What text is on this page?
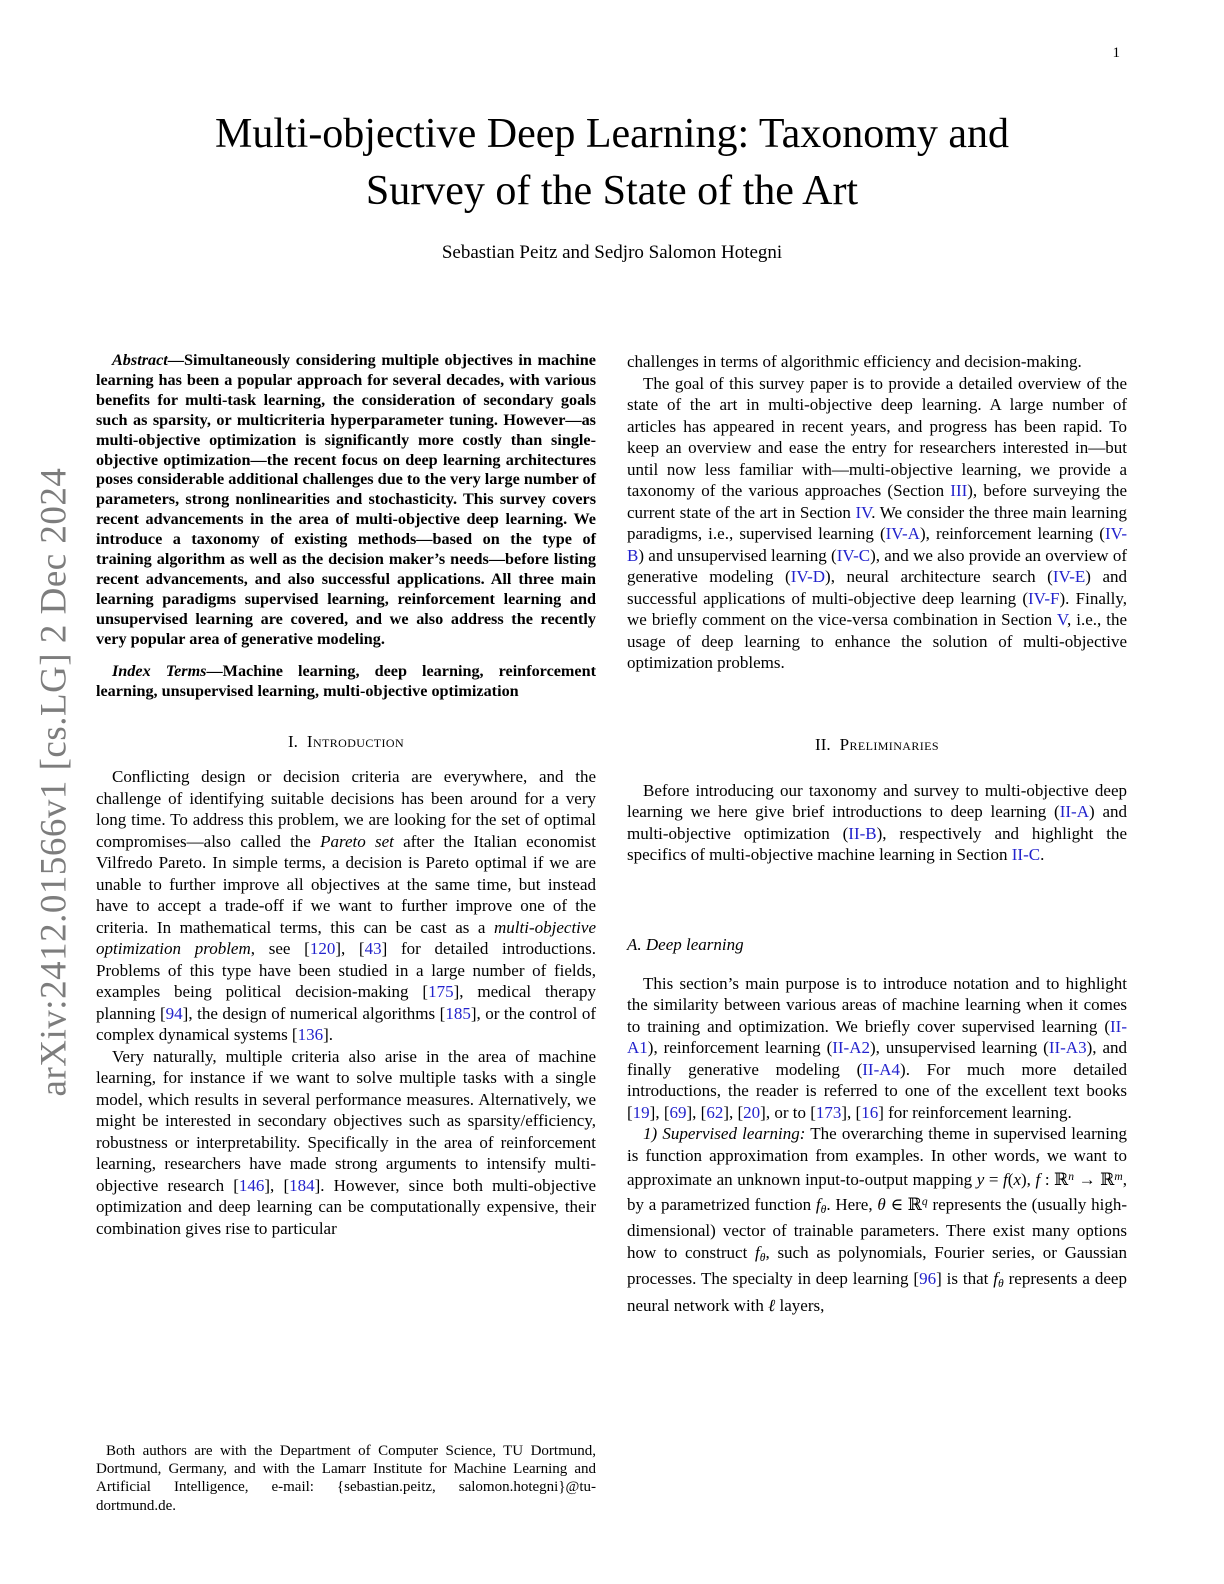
1
arXiv:2412.01566v1 [cs.LG] 2 Dec 2024
Multi-objective Deep Learning: Taxonomy and
Survey of the State of the Art
Sebastian Peitz and Sedjro Salomon Hotegni

Abstract—Simultaneously considering multiple objectives in machine learning has been a popular approach for several decades, with various benefits for multi-task learning, the consideration of secondary goals such as sparsity, or multicriteria hyperparameter tuning. However—as multi-objective optimization is significantly more costly than single-objective optimization—the recent focus on deep learning architectures poses considerable additional challenges due to the very large number of parameters, strong nonlinearities and stochasticity. This survey covers recent advancements in the area of multi-objective deep learning. We introduce a taxonomy of existing methods—based on the type of training algorithm as well as the decision maker’s needs—before listing recent advancements, and also successful applications. All three main learning paradigms supervised learning, reinforcement learning and unsupervised learning are covered, and we also address the recently very popular area of generative modeling.

Index Terms—Machine learning, deep learning, reinforcement learning, unsupervised learning, multi-objective optimization

I. Introduction

Conflicting design or decision criteria are everywhere, and the challenge of identifying suitable decisions has been around for a very long time. To address this problem, we are looking for the set of optimal compromises—also called the Pareto set after the Italian economist Vilfredo Pareto. In simple terms, a decision is Pareto optimal if we are unable to further improve all objectives at the same time, but instead have to accept a trade-off if we want to further improve one of the criteria. In mathematical terms, this can be cast as a multi-objective optimization problem, see [120], [43] for detailed introductions. Problems of this type have been studied in a large number of fields, examples being political decision-making [175], medical therapy planning [94], the design of numerical algorithms [185], or the control of complex dynamical systems [136].

Very naturally, multiple criteria also arise in the area of machine learning, for instance if we want to solve multiple tasks with a single model, which results in several performance measures. Alternatively, we might be interested in secondary objectives such as sparsity/efficiency, robustness or interpretability. Specifically in the area of reinforcement learning, researchers have made strong arguments to intensify multi-objective research [146], [184]. However, since both multi-objective optimization and deep learning can be computationally expensive, their combination gives rise to particular

challenges in terms of algorithmic efficiency and decision-making.

The goal of this survey paper is to provide a detailed overview of the state of the art in multi-objective deep learning. A large number of articles has appeared in recent years, and progress has been rapid. To keep an overview and ease the entry for researchers interested in—but until now less familiar with—multi-objective learning, we provide a taxonomy of the various approaches (Section III), before surveying the current state of the art in Section IV. We consider the three main learning paradigms, i.e., supervised learning (IV-A), reinforcement learning (IV-B) and unsupervised learning (IV-C), and we also provide an overview of generative modeling (IV-D), neural architecture search (IV-E) and successful applications of multi-objective deep learning (IV-F). Finally, we briefly comment on the vice-versa combination in Section V, i.e., the usage of deep learning to enhance the solution of multi-objective optimization problems.

II. Preliminaries

Before introducing our taxonomy and survey to multi-objective deep learning we here give brief introductions to deep learning (II-A) and multi-objective optimization (II-B), respectively and highlight the specifics of multi-objective machine learning in Section II-C.

A. Deep learning

This section’s main purpose is to introduce notation and to highlight the similarity between various areas of machine learning when it comes to training and optimization. We briefly cover supervised learning (II-A1), reinforcement learning (II-A2), unsupervised learning (II-A3), and finally generative modeling (II-A4). For much more detailed introductions, the reader is referred to one of the excellent text books [19], [69], [62], [20], or to [173], [16] for reinforcement learning.

1) Supervised learning: The overarching theme in supervised learning is function approximation from examples. In other words, we want to approximate an unknown input-to-output mapping y = f(x), f : ℝ$^n$ → ℝ$^m$, by a parametrized function fθ. Here, θ ∈ ℝ$^q$ represents the (usually high-dimensional) vector of trainable parameters. There exist many options how to construct fθ, such as polynomials, Fourier series, or Gaussian processes. The specialty in deep learning [96] is that fθ represents a deep neural network with ℓ layers,

Both authors are with the Department of Computer Science, TU Dortmund, Dortmund, Germany, and with the Lamarr Institute for Machine Learning and Artificial Intelligence, e-mail: {sebastian.peitz, salomon.hotegni}@tu-dortmund.de.
